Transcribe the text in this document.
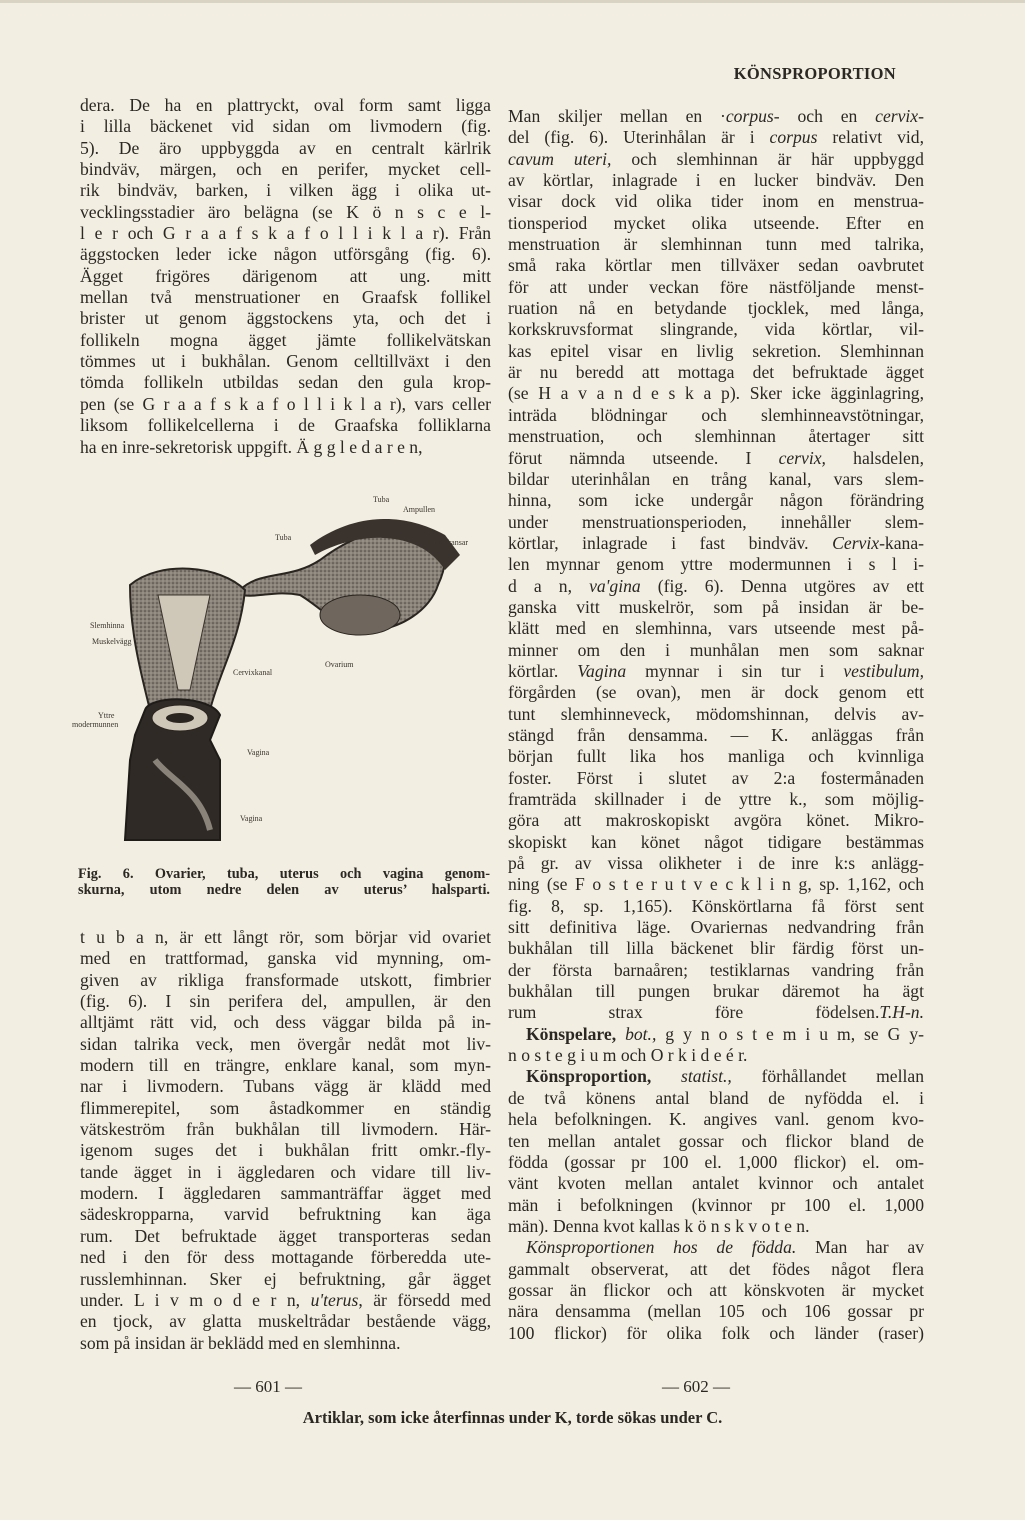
KÖNSPROPORTION
dera. De ha en plattryckt, oval form samt ligga
i lilla bäckenet vid sidan om livmodern (fig.
5). De äro uppbyggda av en centralt kärlrik
bindväv, märgen, och en perifer, mycket cell-
rik bindväv, barken, i vilken ägg i olika ut-
vecklingsstadier äro belägna (se K ö n s c e l-
l e r och G r a a f s k a f o l l i k l a r). Från
äggstocken leder icke någon utförsgång (fig. 6).
Ägget frigöres därigenom att ung. mitt
mellan två menstruationer en Graafsk follikel
brister ut genom äggstockens yta, och det i
follikeln mogna ägget jämte follikelvätskan
tömmes ut i bukhålan. Genom celltillväxt i den
tömda follikeln utbildas sedan den gula krop-
pen (se G r a a f s k a f o l l i k l a r), vars celler
liksom follikelcellerna i de Graafska folliklarna
ha en inre-sekretorisk uppgift. Ä g g l e d a r e n,
Tuba
Ampullen
Tuba
Tubarfransar
Slemhinna
Muskelvägg
Cervixkanal
Ovarium
Yttre
modermunnen
Vagina
Vagina
Fig. 6. Ovarier, tuba, uterus och vagina genom-
skurna, utom nedre delen av uterus’ halsparti.
t u b a n, är ett långt rör, som börjar vid ovariet
med en trattformad, ganska vid mynning, om-
given av rikliga fransformade utskott, fimbrier
(fig. 6). I sin perifera del, ampullen, är den
alltjämt rätt vid, och dess väggar bilda på in-
sidan talrika veck, men övergår nedåt mot liv-
modern till en trängre, enklare kanal, som myn-
nar i livmodern. Tubans vägg är klädd med
flimmerepitel, som åstadkommer en ständig
vätskeström från bukhålan till livmodern. Här-
igenom suges det i bukhålan fritt omkr.-fly-
tande ägget in i äggledaren och vidare till liv-
modern. I äggledaren sammanträffar ägget med
sädeskropparna, varvid befruktning kan äga
rum. Det befruktade ägget transporteras sedan
ned i den för dess mottagande förberedda ute-
russlemhinnan. Sker ej befruktning, går ägget
under. L i v m o d e r n, u'terus, är försedd med
en tjock, av glatta muskeltrådar bestående vägg,
som på insidan är beklädd med en slemhinna.
Man skiljer mellan en ·corpus- och en cervix-
del (fig. 6). Uterinhålan är i corpus relativt vid,
cavum uteri, och slemhinnan är här uppbyggd
av körtlar, inlagrade i en lucker bindväv. Den
visar dock vid olika tider inom en menstrua-
tionsperiod mycket olika utseende. Efter en
menstruation är slemhinnan tunn med talrika,
små raka körtlar men tillväxer sedan oavbrutet
för att under veckan före nästföljande menst-
ruation nå en betydande tjocklek, med långa,
korkskruvsformat slingrande, vida körtlar, vil-
kas epitel visar en livlig sekretion. Slemhinnan
är nu beredd att mottaga det befruktade ägget
(se H a v a n d e s k a p). Sker icke ägginlagring,
inträda blödningar och slemhinneavstötningar,
menstruation, och slemhinnan återtager sitt
förut nämnda utseende. I cervix, halsdelen,
bildar uterinhålan en trång kanal, vars slem-
hinna, som icke undergår någon förändring
under menstruationsperioden, innehåller slem-
körtlar, inlagrade i fast bindväv. Cervix-kana-
len mynnar genom yttre modermunnen i s l i-
d a n, va'gina (fig. 6). Denna utgöres av ett
ganska vitt muskelrör, som på insidan är be-
klätt med en slemhinna, vars utseende mest på-
minner om den i munhålan men som saknar
körtlar. Vagina mynnar i sin tur i vestibulum,
förgården (se ovan), men är dock genom ett
tunt slemhinneveck, mödomshinnan, delvis av-
stängd från densamma. — K. anläggas från
början fullt lika hos manliga och kvinnliga
foster. Först i slutet av 2:a fostermånaden
framträda skillnader i de yttre k., som möjlig-
göra att makroskopiskt avgöra könet. Mikro-
skopiskt kan könet något tidigare bestämmas
på gr. av vissa olikheter i de inre k:s anlägg-
ning (se F o s t e r u t v e c k l i n g, sp. 1,162, och
fig. 8, sp. 1,165). Könskörtlarna få först sent
sitt definitiva läge. Ovariernas nedvandring från
bukhålan till lilla bäckenet blir färdig först un-
der första barnaåren; testiklarnas vandring från
bukhålan till pungen brukar däremot ha ägt
rum strax före födelsen. T.H-n.
Könspelare, bot., g y n o s t e m i u m, se G y-
n o s t e g i u m och O r k i d e é r.
Könsproportion, statist., förhållandet mellan
de två könens antal bland de nyfödda el. i
hela befolkningen. K. angives vanl. genom kvo-
ten mellan antalet gossar och flickor bland de
födda (gossar pr 100 el. 1,000 flickor) el. om-
vänt kvoten mellan antalet kvinnor och antalet
män i befolkningen (kvinnor pr 100 el. 1,000
män). Denna kvot kallas k ö n s k v o t e n.
Könsproportionen hos de födda. Man har av
gammalt observerat, att det födes något flera
gossar än flickor och att könskvoten är mycket
nära densamma (mellan 105 och 106 gossar pr
100 flickor) för olika folk och länder (raser)
— 601 —	— 602 —
Artiklar, som icke återfinnas under K, torde sökas under C.
